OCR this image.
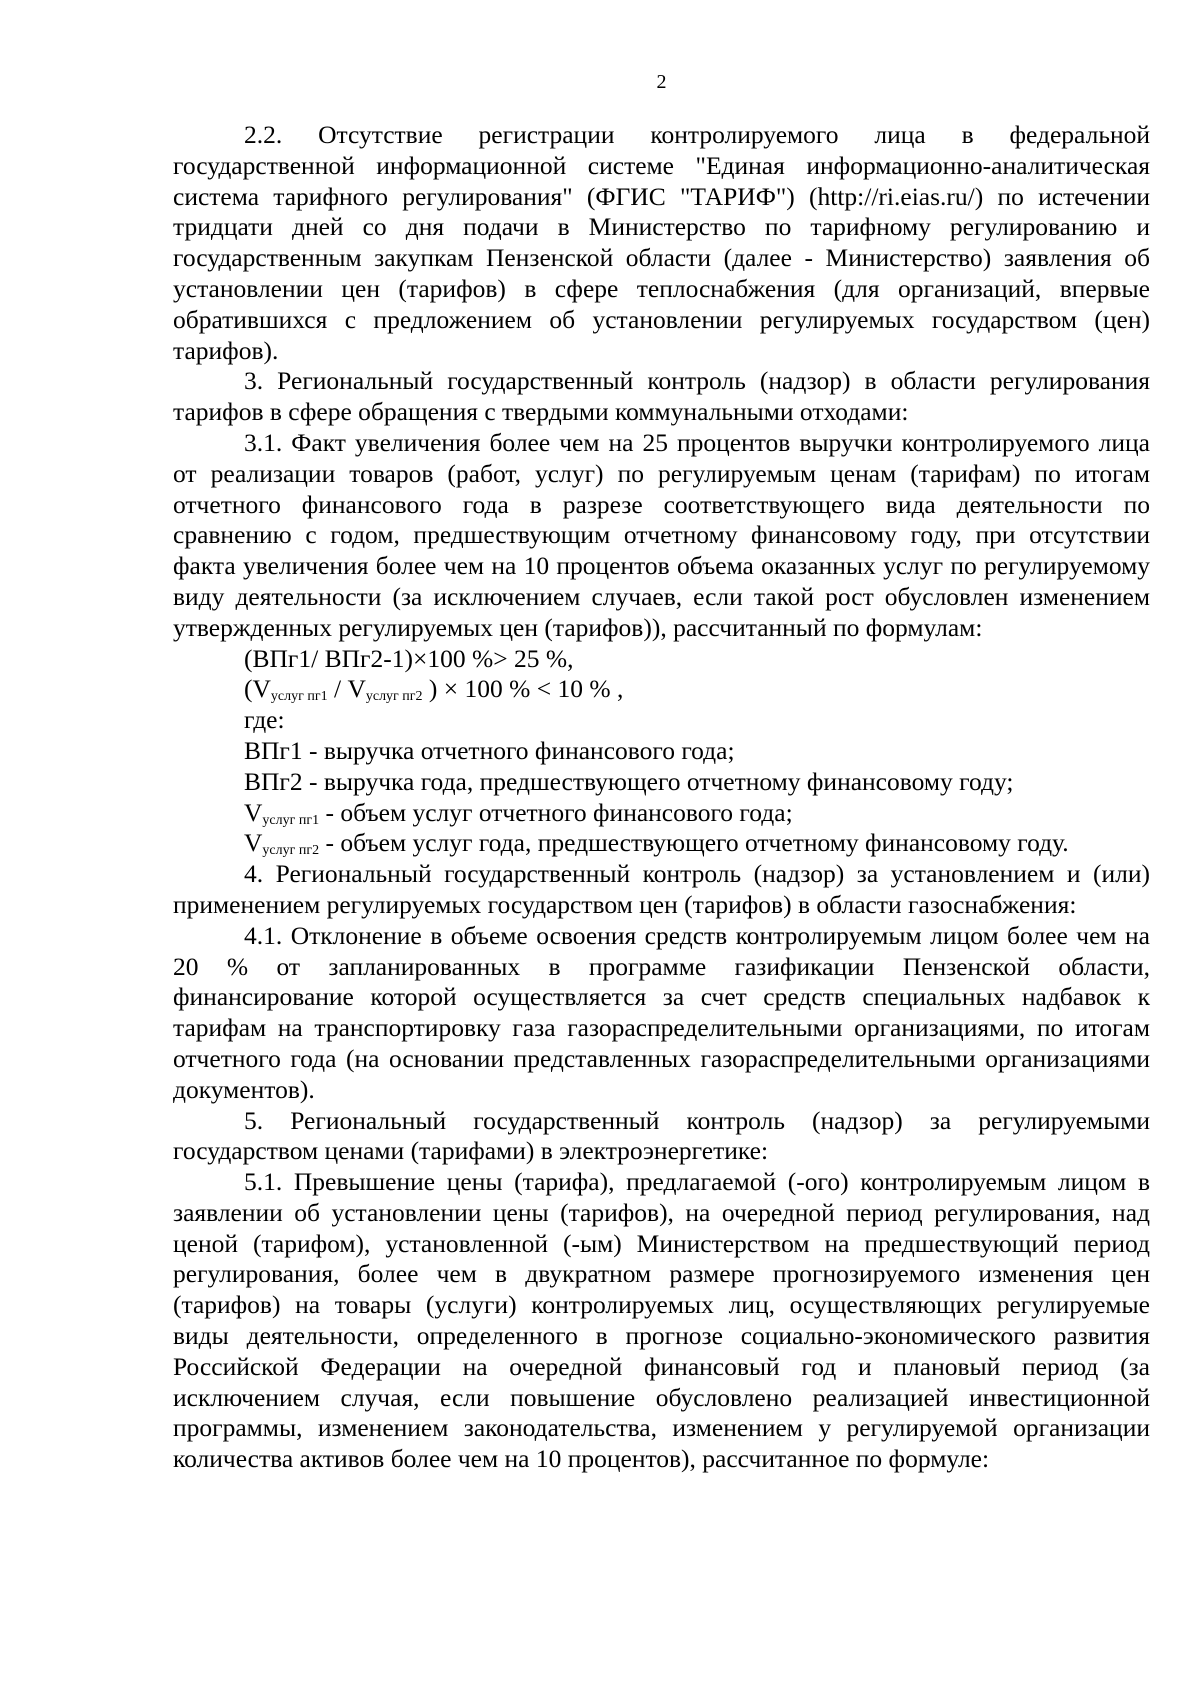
2

2.2. Отсутствие регистрации контролируемого лица в федеральной государственной информационной системе "Единая информационно-аналитическая система тарифного регулирования" (ФГИС "ТАРИФ") (http://ri.eias.ru/) по истечении тридцати дней со дня подачи в Министерство по тарифному регулированию и государственным закупкам Пензенской области (далее - Министерство) заявления об установлении цен (тарифов) в сфере теплоснабжения (для организаций, впервые обратившихся с предложением об установлении регулируемых государством (цен) тарифов).

3. Региональный государственный контроль (надзор) в области регулирования тарифов в сфере обращения с твердыми коммунальными отходами:

3.1. Факт увеличения более чем на 25 процентов выручки контролируемого лица от реализации товаров (работ, услуг) по регулируемым ценам (тарифам) по итогам отчетного финансового года в разрезе соответствующего вида деятельности по сравнению с годом, предшествующим отчетному финансовому году, при отсутствии факта увеличения более чем на 10 процентов объема оказанных услуг по регулируемому виду деятельности (за исключением случаев, если такой рост обусловлен изменением утвержденных регулируемых цен (тарифов)), рассчитанный по формулам:

(ВПг1/ ВПг2-1)×100 %> 25 %,

($V_{услуг пг1} / V_{услуг пг2}$ ) × 100 % < 10 % ,

где:

ВПг1 - выручка отчетного финансового года;

ВПг2 - выручка года, предшествующего отчетному финансовому году;

$V_{услуг пг1}$ - объем услуг отчетного финансового года;

$V_{услуг пг2}$ - объем услуг года, предшествующего отчетному финансовому году.

4. Региональный государственный контроль (надзор) за установлением и (или) применением регулируемых государством цен (тарифов) в области газоснабжения:

4.1. Отклонение в объеме освоения средств контролируемым лицом более чем на 20 % от запланированных в программе газификации Пензенской области, финансирование которой осуществляется за счет средств специальных надбавок к тарифам на транспортировку газа газораспределительными организациями, по итогам отчетного года (на основании представленных газораспределительными организациями документов).

5. Региональный государственный контроль (надзор) за регулируемыми государством ценами (тарифами) в электроэнергетике:

5.1. Превышение цены (тарифа), предлагаемой (-ого) контролируемым лицом в заявлении об установлении цены (тарифов), на очередной период регулирования, над ценой (тарифом), установленной (-ым) Министерством на предшествующий период регулирования, более чем в двукратном размере прогнозируемого изменения цен (тарифов) на товары (услуги) контролируемых лиц, осуществляющих регулируемые виды деятельности, определенного в прогнозе социально-экономического развития Российской Федерации на очередной финансовый год и плановый период (за исключением случая, если повышение обусловлено реализацией инвестиционной программы, изменением законодательства, изменением у регулируемой организации количества активов более чем на 10 процентов), рассчитанное по формуле:
